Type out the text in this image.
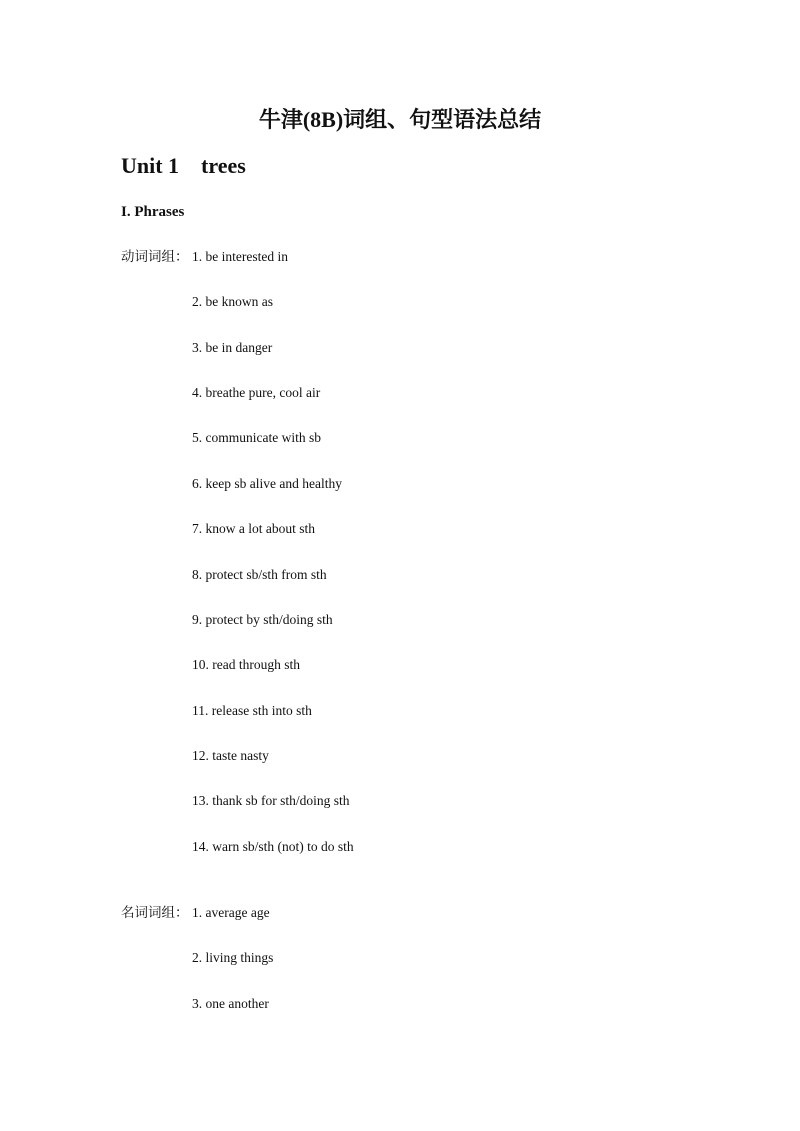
牛津(8B)词组、句型语法总结
Unit 1    trees
I. Phrases
动词词组： 1. be interested in
2. be known as
3. be in danger
4. breathe pure, cool air
5. communicate with sb
6. keep sb alive and healthy
7. know a lot about sth
8. protect sb/sth from sth
9. protect by sth/doing sth
10. read through sth
11. release sth into sth
12. taste nasty
13. thank sb for sth/doing sth
14. warn sb/sth (not) to do sth
名词词组： 1. average age
2. living things
3. one another
